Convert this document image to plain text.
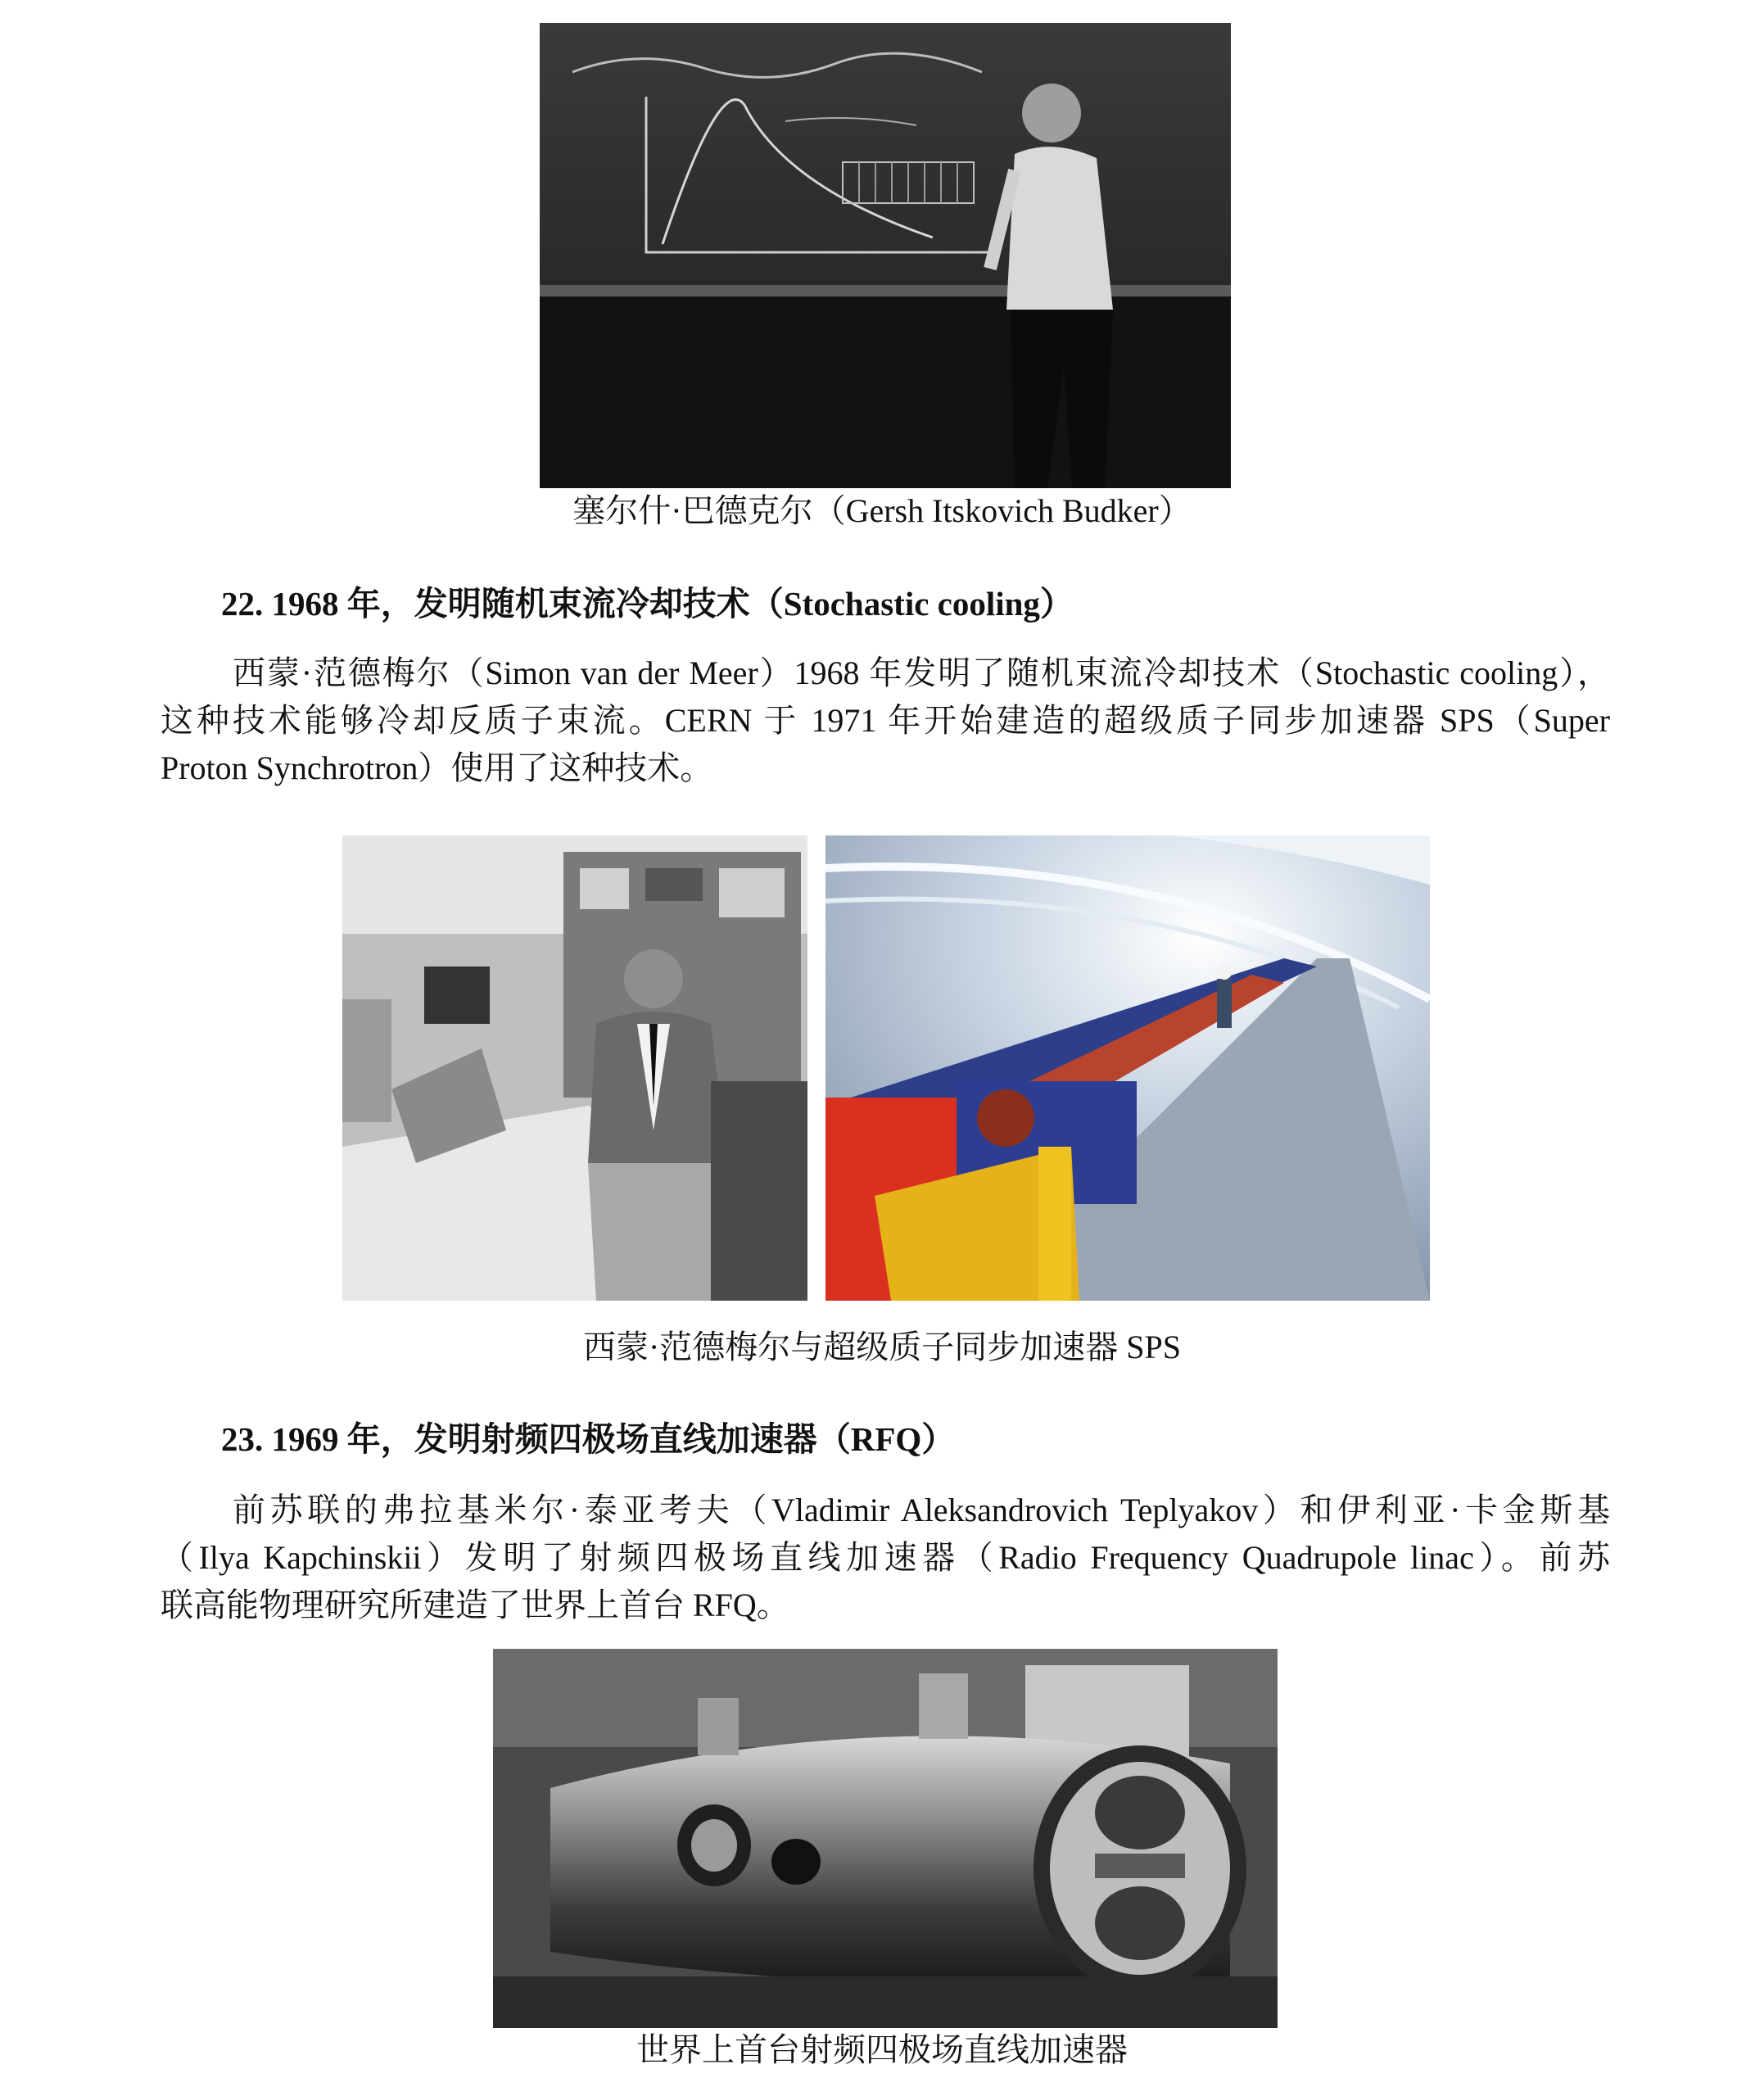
塞尔什·巴德克尔（Gersh Itskovich Budker）
22. 1968 年，发明随机束流冷却技术（Stochastic cooling）

西蒙·范德梅尔（Simon van der Meer）1968 年发明了随机束流冷却技术（Stochastic cooling），

这种技术能够冷却反质子束流。CERN 于 1971 年开始建造的超级质子同步加速器 SPS（Super

Proton Synchrotron）使用了这种技术。

西蒙·范德梅尔与超级质子同步加速器 SPS
23. 1969 年，发明射频四极场直线加速器（RFQ）

前苏联的弗拉基米尔·泰亚考夫（Vladimir Aleksandrovich Teplyakov）和伊利亚·卡金斯基

（Ilya Kapchinskii）发明了射频四极场直线加速器（Radio Frequency Quadrupole linac）。前苏

联高能物理研究所建造了世界上首台 RFQ。

世界上首台射频四极场直线加速器
